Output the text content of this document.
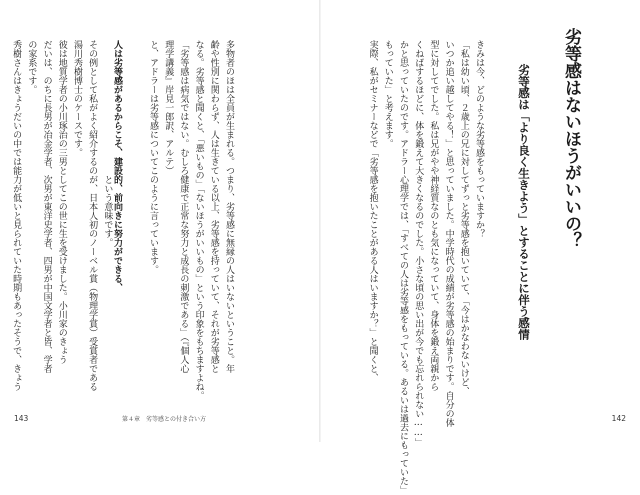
多物者のほは全員が生まれる。つまり、劣等感に無縁の人はいないということ。年
齢や性別に関わらず、人は生きている以上、劣等感を持っていて、それが劣等感と
なる。劣等感と聞くと、「悪いもの」「ないほうがいいもの」という印象をもちますよね。
「劣等感は病気ではない。むしろ健康で正常な努力と成長の刺激である」（『個人心
理学講義』岸見一郎訳、アルテ）
と、アドラーは劣等感についてこのように言っています。

　　　　　　　　　　　　　　　という意味です。
その例として私がよく紹介するのが、日本人初のノーベル賞（物理学賞）受賞者である
湯川秀樹博士のケースです。
彼は地質学者の小川琢治の三男としてこの世に生を受けました。小川家のきょう
だいは、のちに長男が冶金学者、次男が東洋史学者、四男が中国文学者と皆、学者
の家系です。
秀樹さんはきょうだいの中では能力が低いと見られていた時期もあったそうで、きょう	人は劣等感があるからこそ、建設的、前向きに努力ができる、

143	第４章　劣等感との付き合い方
劣等感はないほうがいいの？
劣等感は「より良く生きよう」とすることに伴う感情
きみは今、どのような劣等感をもっていますか？
「私は幼い頃、２歳上の兄に対してずっと劣等感を抱いていて、「今はかなわないけど、
いつか追い越してやる！」と思っていました。中学時代の成績が劣等感の始まりです。自分の体
型に対してでした。私は兄がやや神経質なのとも気になっていて、身体を鍛え両親から
くねばするほどに、体を鍛えて大きくなるのでした。小さな頃の思い出が今でも忘れられない……」
かと思っていたのです。アドラー心理学では、「すべての人は劣等感をもっている。あるいは過去にもっていた」
もっていた」と考えます。
実際、私がセミナーなどで「劣等感を抱いたことがある人はいますか？」と聞くと、
142
